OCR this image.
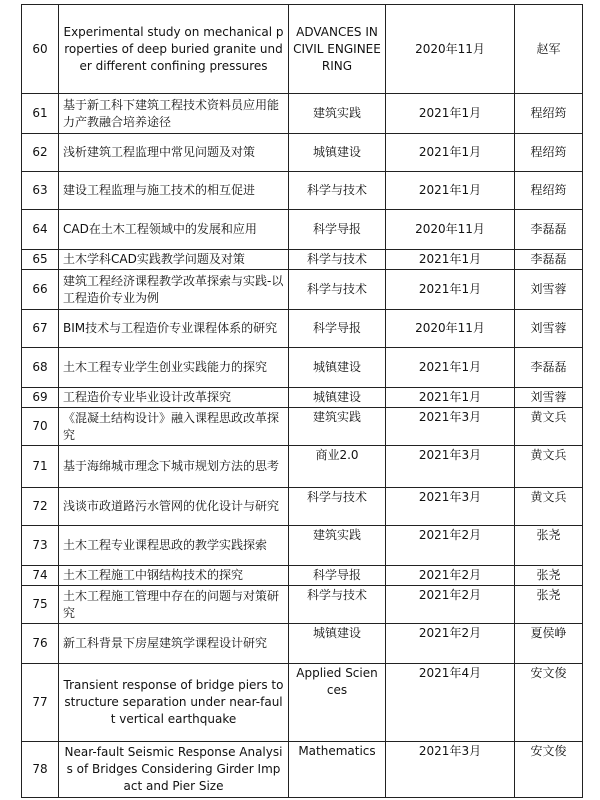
60	Experimental study on mechanical properties of deep buried granite under different confining pressures	ADVANCES IN CIVIL ENGINEERING	2020年11月	赵军
61	基于新工科下建筑工程技术资料员应用能力产教融合培养途径	建筑实践	2021年1月	程绍筠
62	浅析建筑工程监理中常见问题及对策	城镇建设	2021年1月	程绍筠
63	建设工程监理与施工技术的相互促进	科学与技术	2021年1月	程绍筠
64	CAD在土木工程领域中的发展和应用	科学导报	2020年11月	李磊磊
65	土木学科CAD实践教学问题及对策	科学与技术	2021年1月	李磊磊
66	建筑工程经济课程教学改革探索与实践-以工程造价专业为例	科学与技术	2021年1月	刘雪蓉
67	BIM技术与工程造价专业课程体系的研究	科学导报	2020年11月	刘雪蓉
68	土木工程专业学生创业实践能力的探究	城镇建设	2021年1月	李磊磊
69	工程造价专业毕业设计改革探究	城镇建设	2021年1月	刘雪蓉
70	《混凝土结构设计》融入课程思政改革探究	建筑实践	2021年3月	黄文兵
71	基于海绵城市理念下城市规划方法的思考	商业2.0	2021年3月	黄文兵
72	浅谈市政道路污水管网的优化设计与研究	科学与技术	2021年3月	黄文兵
73	土木工程专业课程思政的教学实践探索	建筑实践	2021年2月	张尧
74	土木工程施工中钢结构技术的探究	科学导报	2021年2月	张尧
75	土木工程施工管理中存在的问题与对策研究	科学与技术	2021年2月	张尧
76	新工科背景下房屋建筑学课程设计研究	城镇建设	2021年2月	夏侯峥
77	Transient response of bridge piers to structure separation under near-fault vertical earthquake	Applied Sciences	2021年4月	安文俊
78	Near-fault Seismic Response Analysis of Bridges Considering Girder Impact and Pier Size	Mathematics	2021年3月	安文俊
